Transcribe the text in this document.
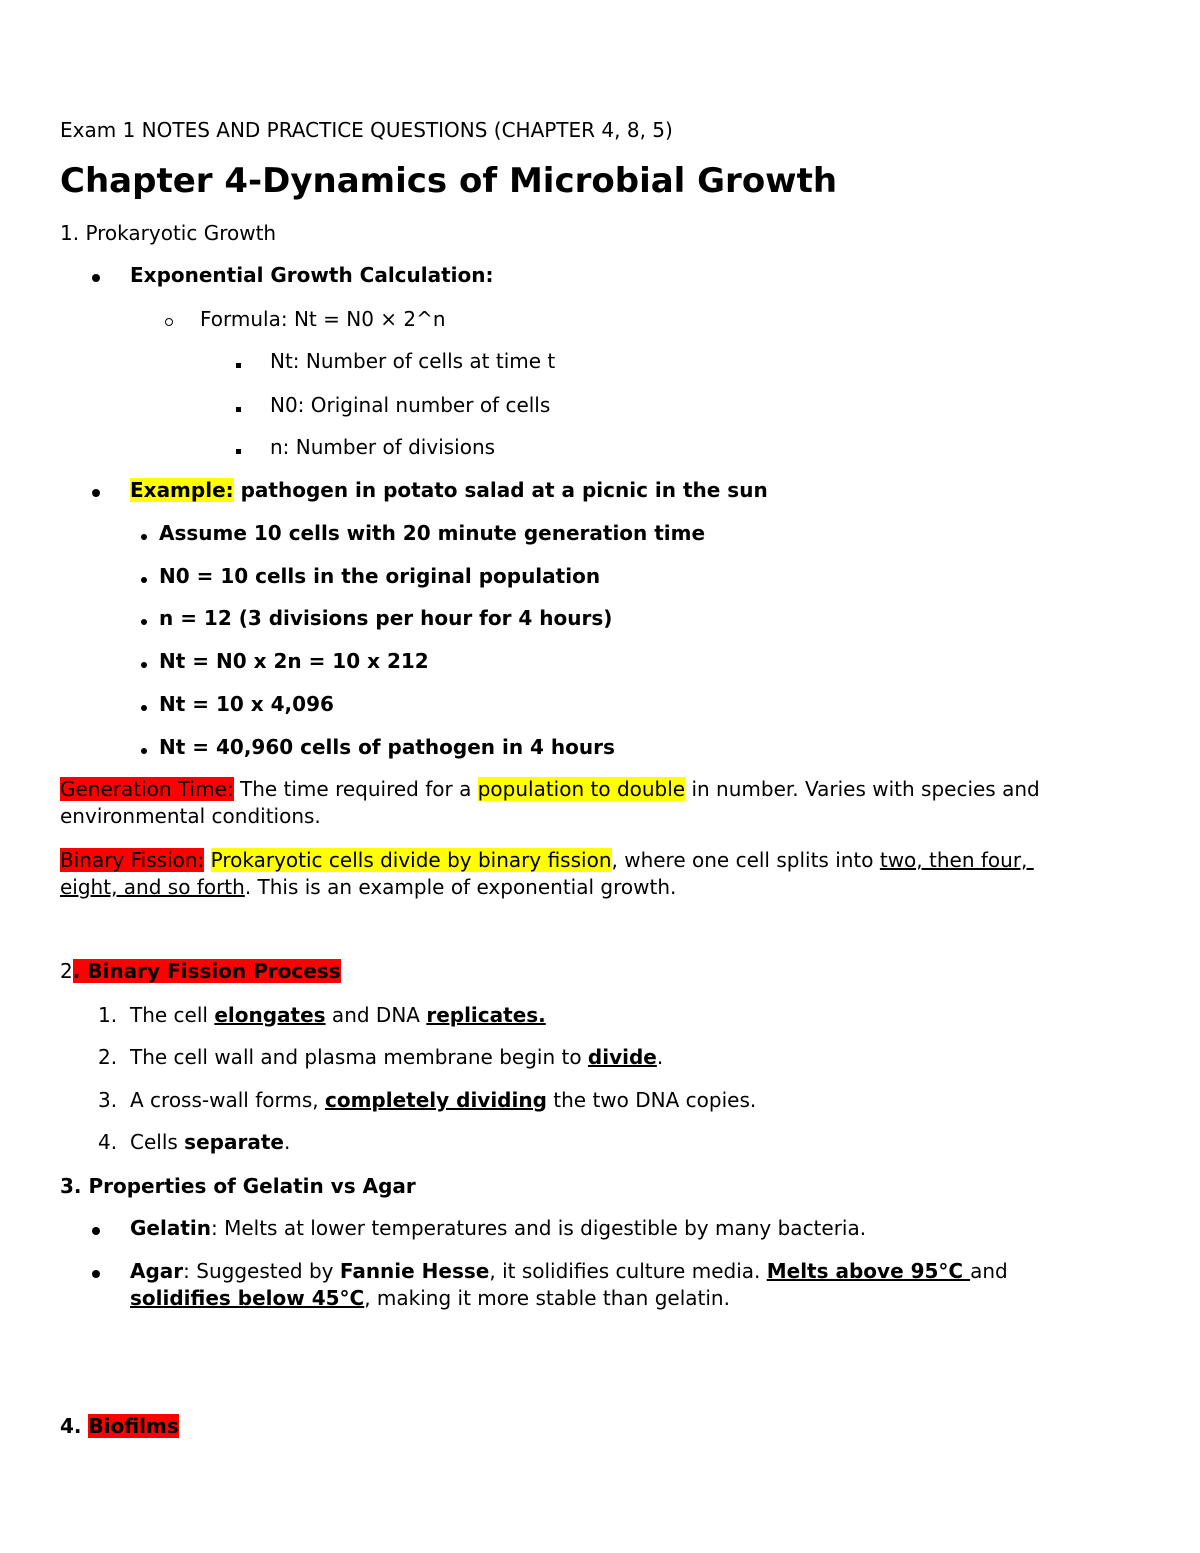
Exam 1 NOTES AND PRACTICE QUESTIONS (CHAPTER 4, 8, 5)
Chapter 4-Dynamics of Microbial Growth
1. Prokaryotic Growth
Exponential Growth Calculation:
Formula: Nt = N0 × 2^n
Nt: Number of cells at time t
N0: Original number of cells
n: Number of divisions
Example: pathogen in potato salad at a picnic in the sun
Assume 10 cells with 20 minute generation time
N0 = 10 cells in the original population
n = 12 (3 divisions per hour for 4 hours)
Nt = N0 x 2n = 10 x 212
Nt = 10 x 4,096
Nt = 40,960 cells of pathogen in 4 hours
Generation Time: The time required for a population to double in number. Varies with species and
environmental conditions.
Binary Fission: Prokaryotic cells divide by binary fission, where one cell splits into two, then four,
eight, and so forth. This is an example of exponential growth.
2. Binary Fission Process
1. The cell elongates and DNA replicates.
2. The cell wall and plasma membrane begin to divide.
3. A cross-wall forms, completely dividing the two DNA copies.
4. Cells separate.
3. Properties of Gelatin vs Agar
Gelatin: Melts at lower temperatures and is digestible by many bacteria.
Agar: Suggested by Fannie Hesse, it solidifies culture media. Melts above 95°C and
solidifies below 45°C, making it more stable than gelatin.
4. Biofilms
